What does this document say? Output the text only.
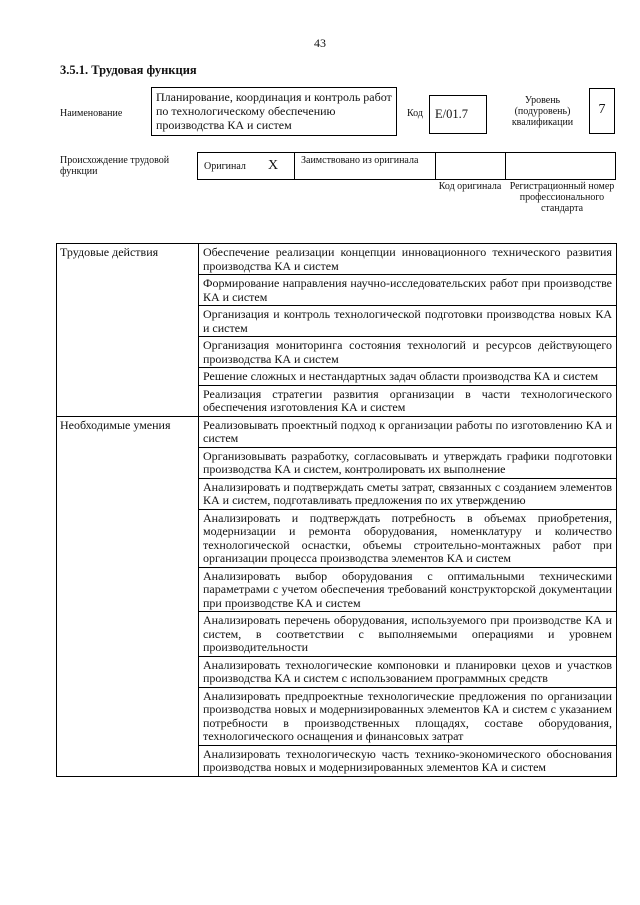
43
3.5.1. Трудовая функция
Наименование
Планирование, координация и контроль работ по технологическому обеспечению производства КА и систем
Код E/01.7
Уровень (подуровень) квалификации
7
Происхождение трудовой функции	Оригинал X Заимствовано из оригинала
Код оригинала Регистрационный номер профессионального стандарта
Трудовые действия	Обеспечение реализации концепции инновационного технического развития производства КА и систем
	Формирование направления научно-исследовательских работ при производстве КА и систем
	Организация и контроль технологической подготовки производства новых КА и систем
	Организация мониторинга состояния технологий и ресурсов действующего производства КА и систем
	Решение сложных и нестандартных задач области производства КА и систем
	Реализация стратегии развития организации в части технологического обеспечения изготовления КА и систем
Необходимые умения	Реализовывать проектный подход к организации работы по изготовлению КА и систем
	Организовывать разработку, согласовывать и утверждать графики подготовки производства КА и систем, контролировать их выполнение
	Анализировать и подтверждать сметы затрат, связанных с созданием элементов КА и систем, подготавливать предложения по их утверждению
	Анализировать и подтверждать потребность в объемах приобретения, модернизации и ремонта оборудования, номенклатуру и количество технологической оснастки, объемы строительно-монтажных работ при организации процесса производства элементов КА и систем
	Анализировать выбор оборудования с оптимальными техническими параметрами с учетом обеспечения требований конструкторской документации при производстве КА и систем
	Анализировать перечень оборудования, используемого при производстве КА и систем, в соответствии с выполняемыми операциями и уровнем производительности
	Анализировать технологические компоновки и планировки цехов и участков производства КА и систем с использованием программных средств
	Анализировать предпроектные технологические предложения по организации производства новых и модернизированных элементов КА и систем с указанием потребности в производственных площадях, составе оборудования, технологического оснащения и финансовых затрат
	Анализировать технологическую часть технико-экономического обоснования производства новых и модернизированных элементов КА и систем
